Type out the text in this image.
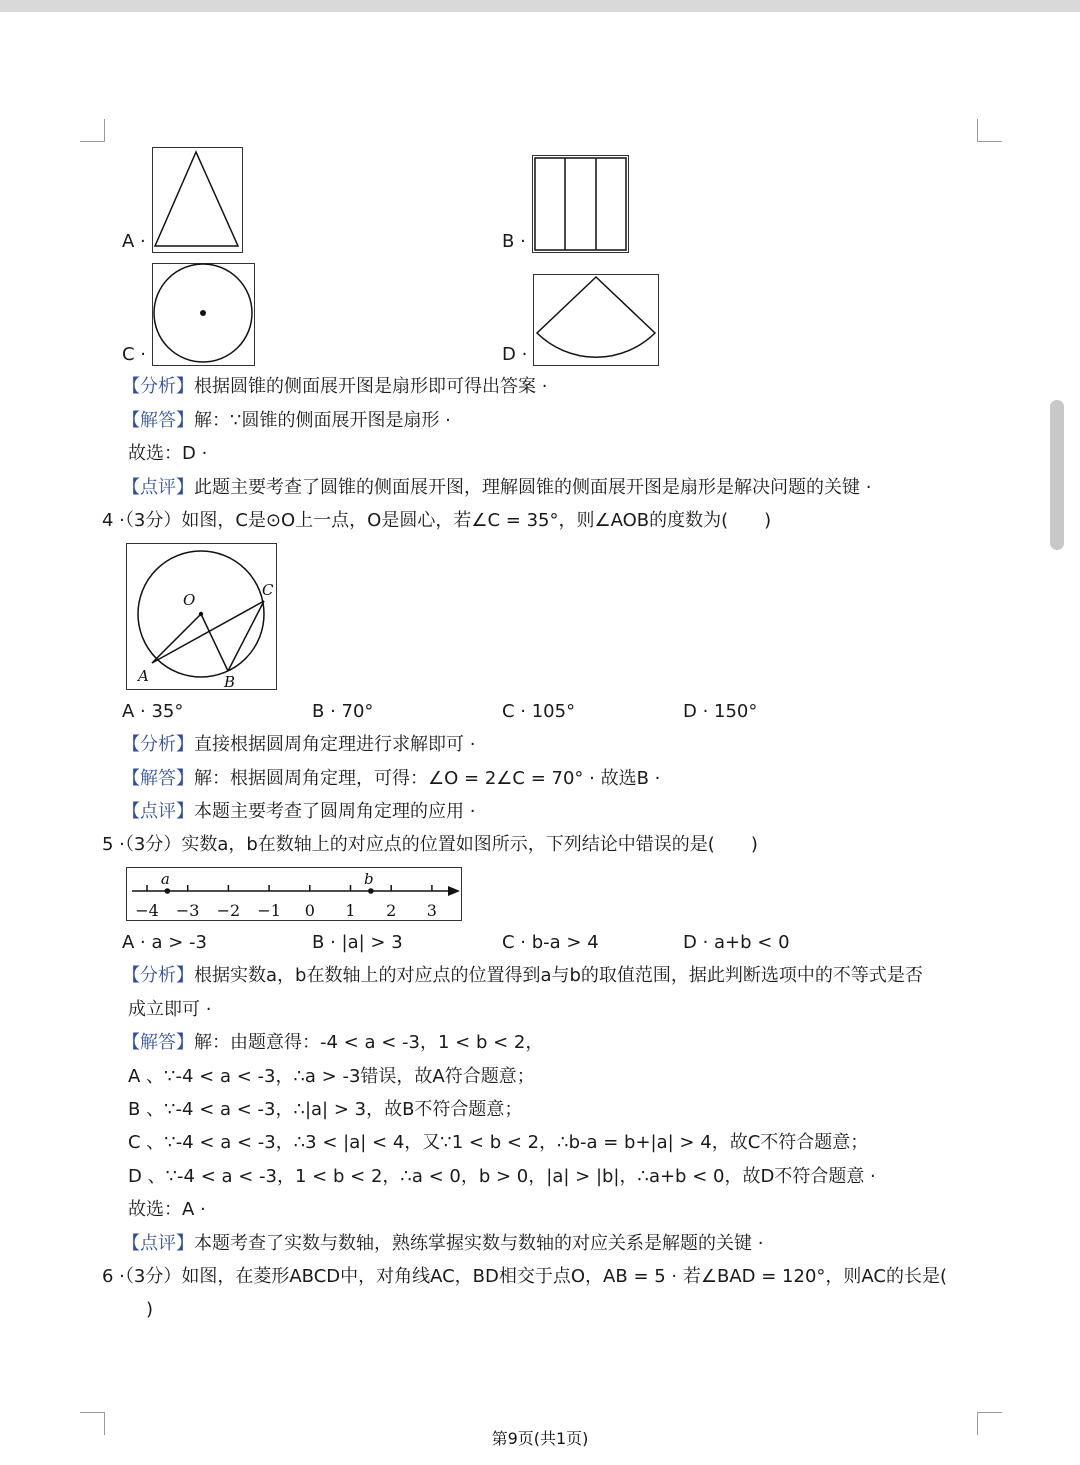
A ·	B ·
C ·	D ·
【分析】根据圆锥的侧面展开图是扇形即可得出答案 ·
【解答】解：∵圆锥的侧面展开图是扇形 ·
故选：D ·
【点评】此题主要考查了圆锥的侧面展开图，理解圆锥的侧面展开图是扇形是解决问题的关键 ·
4 ·（3分）如图，C是⊙O上一点，O是圆心，若∠C = 35°，则∠AOB的度数为(　　)
O
A	B
C
A · 35°	B · 70°	C · 105°	D · 150°
【分析】直接根据圆周角定理进行求解即可 ·
【解答】解：根据圆周角定理，可得：∠O = 2∠C = 70° · 故选B ·
【点评】本题主要考查了圆周角定理的应用 ·
5 ·（3分）实数a，b在数轴上的对应点的位置如图所示，下列结论中错误的是(　　)
−4 −3 −2 −1 0 1 2 3
a	b
A · a > -3	B · |a| > 3	C · b-a > 4	D · a+b < 0
【分析】根据实数a，b在数轴上的对应点的位置得到a与b的取值范围，据此判断选项中的不等式是否
成立即可 ·
【解答】解：由题意得：-4 < a < -3，1 < b < 2，
A 、∵-4 < a < -3，∴a > -3错误，故A符合题意；
B 、∵-4 < a < -3，∴|a| > 3，故B不符合题意；
C 、∵-4 < a < -3，∴3 < |a| < 4，又∵1 < b < 2，∴b-a = b+|a| > 4，故C不符合题意；
D 、∵-4 < a < -3，1 < b < 2，∴a < 0，b > 0，|a| > |b|，∴a+b < 0，故D不符合题意 ·
故选：A ·
【点评】本题考查了实数与数轴，熟练掌握实数与数轴的对应关系是解题的关键 ·
6 ·（3分）如图，在菱形ABCD中，对角线AC，BD相交于点O，AB = 5 · 若∠BAD = 120°，则AC的长是(
)
第9页(共1页)
